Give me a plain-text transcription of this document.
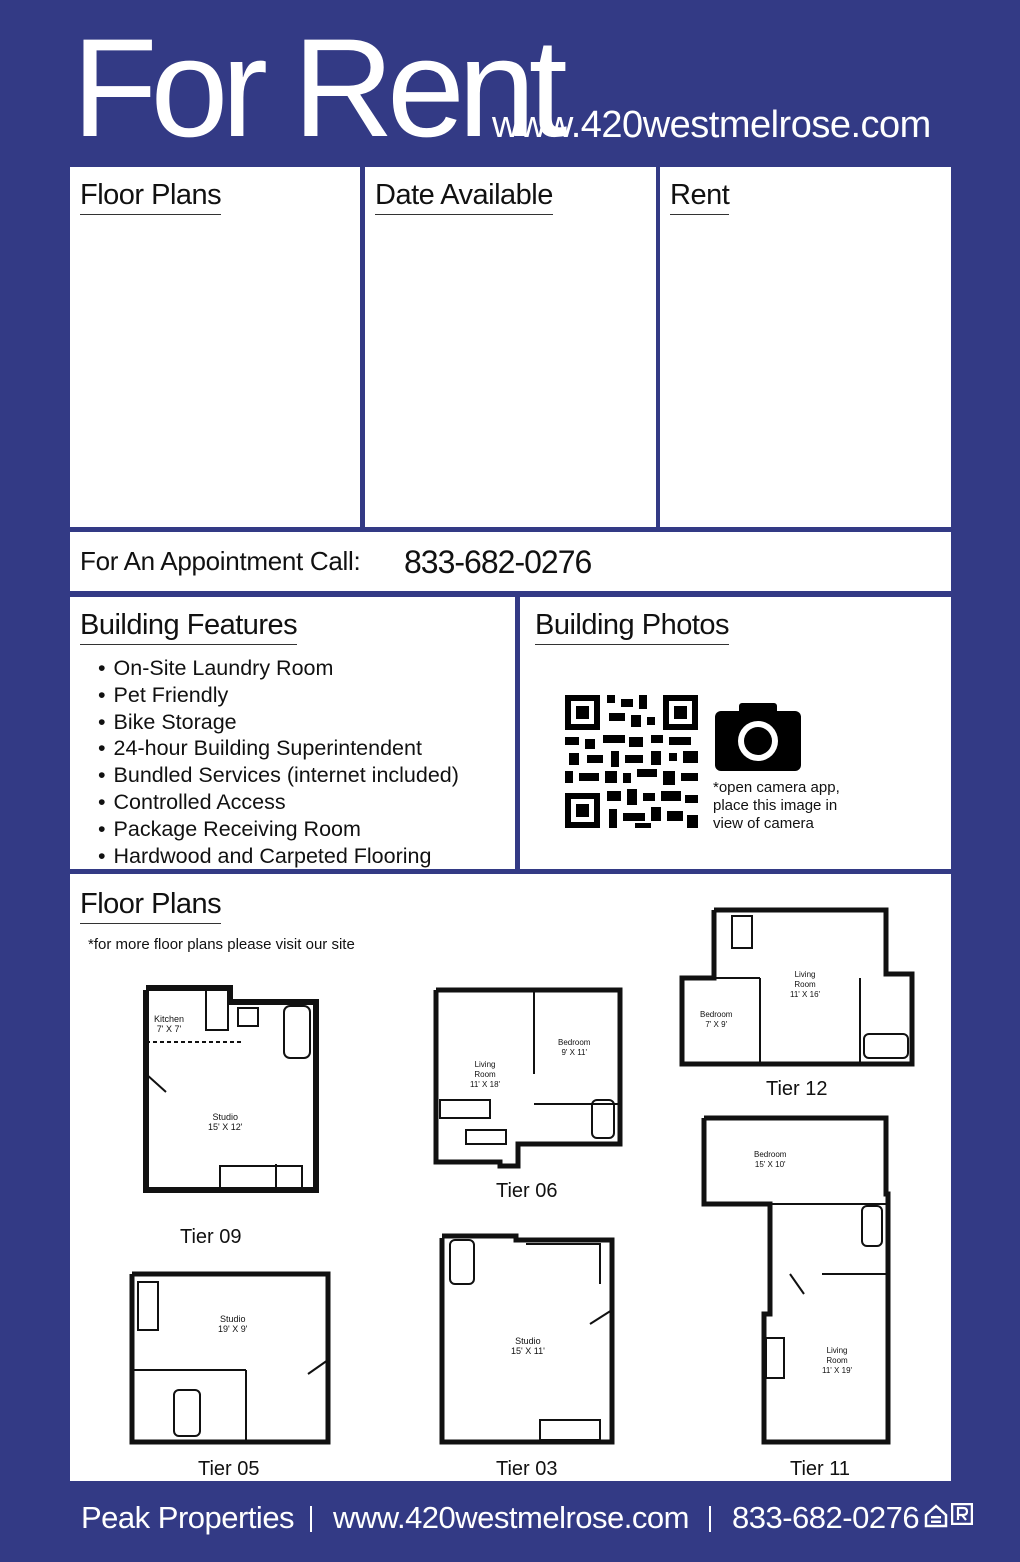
For Rent
www.420westmelrose.com
Floor Plans	Date Available	Rent
For An Appointment Call: 833-682-0276
Building Features
• On-Site Laundry Room
• Pet Friendly
• Bike Storage
• 24-hour Building Superintendent
• Bundled Services (internet included)
• Controlled Access
• Package Receiving Room
• Hardwood and Carpeted Flooring
Building Photos
*open camera app,
place this image in
view of camera
Floor Plans
*for more floor plans please visit our site
Kitchen
7' X 7'
Studio
15' X 12'
Tier 09
Living
Room
11' X 18'
Bedroom
9' X 11'
Tier 06
Living
Room
11' X 16'
Bedroom
7' X 9'
Tier 12
Studio
19' X 9'
Tier 05
Studio
15' X 11'
Tier 03
Bedroom
15' X 10'
Living
Room
11' X 19'
Tier 11
Peak Properties www.420westmelrose.com 833-682-0276
